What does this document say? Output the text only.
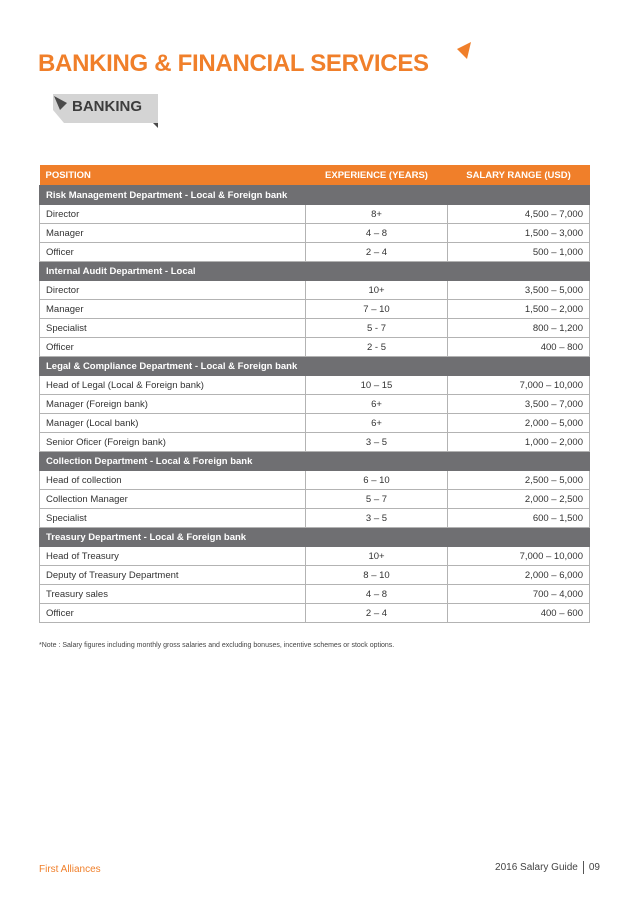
BANKING & FINANCIAL SERVICES
BANKING
POSITION	EXPERIENCE (YEARS)	SALARY RANGE (USD)
Risk Management Department - Local & Foreign bank		
Director	8+	4,500 – 7,000
Manager	4 – 8	1,500 – 3,000
Officer	2 – 4	500 – 1,000
Internal Audit Department - Local		
Director	10+	3,500 – 5,000
Manager	7 – 10	1,500 – 2,000
Specialist	5 - 7	800 – 1,200
Officer	2 - 5	400 – 800
Legal & Compliance Department - Local & Foreign bank		
Head of Legal (Local & Foreign bank)	10 – 15	7,000 – 10,000
Manager (Foreign bank)	6+	3,500 – 7,000
Manager (Local bank)	6+	2,000 – 5,000
Senior Oficer (Foreign bank)	3 – 5	1,000 – 2,000
Collection Department - Local & Foreign bank		
Head of collection	6 – 10	2,500 – 5,000
Collection Manager	5 – 7	2,000 – 2,500
Specialist	3 – 5	600 – 1,500
Treasury Department - Local & Foreign bank		
Head of Treasury	10+	7,000 – 10,000
Deputy of Treasury Department	8 – 10	2,000 – 6,000
Treasury sales	4 – 8	700 – 4,000
Officer	2 – 4	400 – 600
*Note : Salary figures including monthly gross salaries and excluding bonuses, incentive schemes or stock options.
First Alliances	2016 Salary Guide 09
